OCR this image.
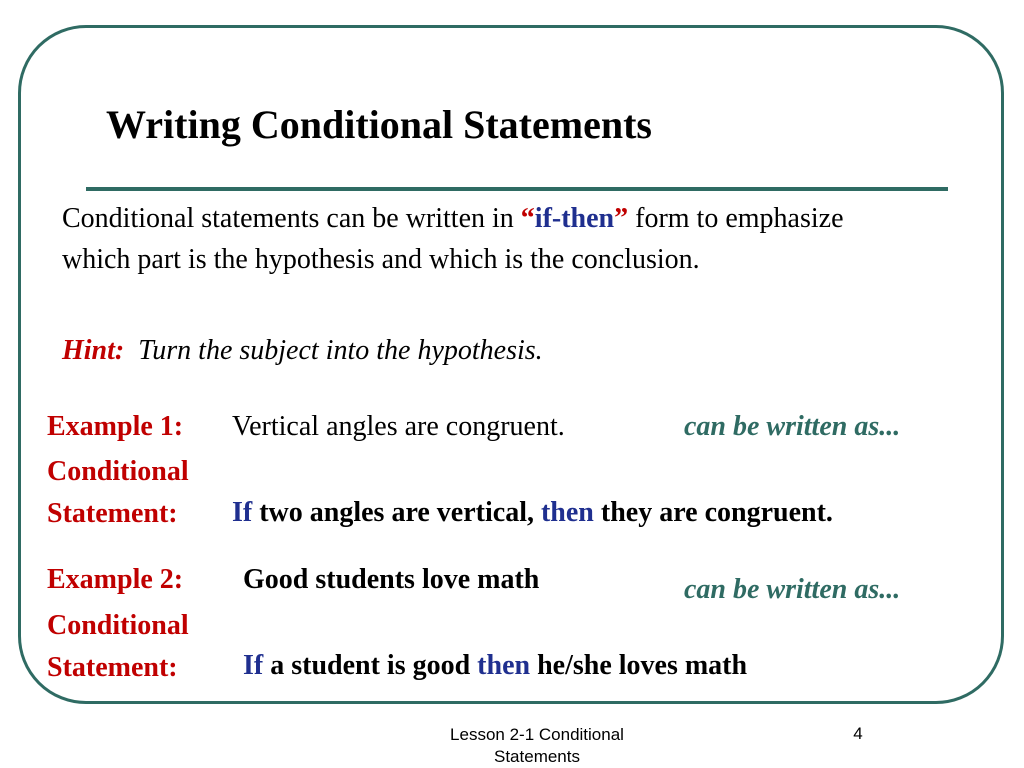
Writing Conditional Statements
Conditional statements can be written in “if-then” form to emphasize which part is the hypothesis and which is the conclusion.
Hint: Turn the subject into the hypothesis.
Example 1: Vertical angles are congruent.	can be written as...
Conditional
Statement:	If two angles are vertical, then they are congruent.
Example 2: Good students love math	can be written as...
Conditional
Statement:	If a student is good then he/she loves math
Lesson 2-1 Conditional
Statements
4
